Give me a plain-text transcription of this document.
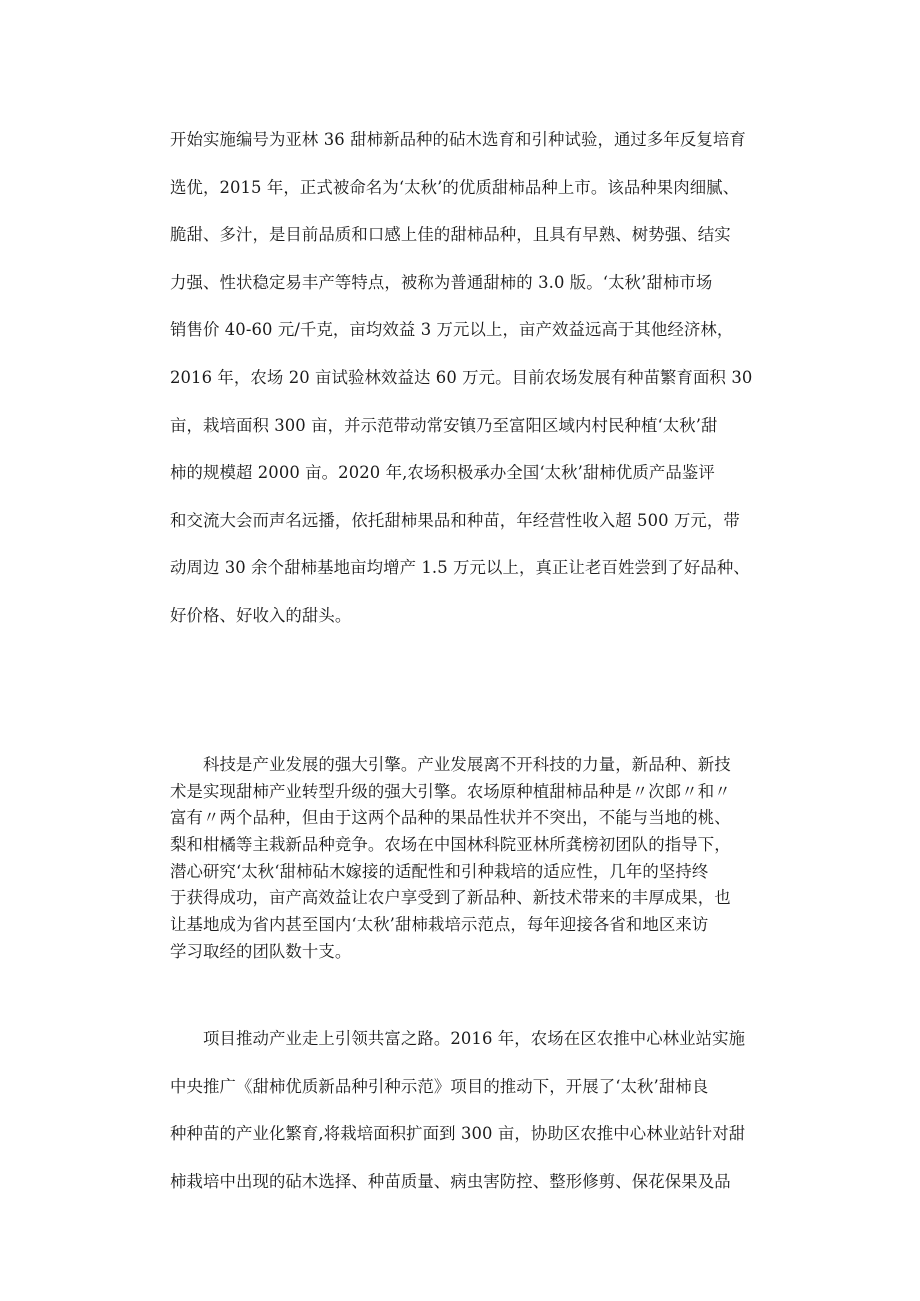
开始实施编号为亚林 36 甜柿新品种的砧木选育和引种试验，通过多年反复培育
选优，2015 年，正式被命名为‘太秋’的优质甜柿品种上市。该品种果肉细腻、
脆甜、多汁，是目前品质和口感上佳的甜柿品种，且具有早熟、树势强、结实
力强、性状稳定易丰产等特点，被称为普通甜柿的 3.0 版。‘太秋’甜柿市场
销售价 40-60 元/千克，亩均效益 3 万元以上，亩产效益远高于其他经济林，
2016 年，农场 20 亩试验林效益达 60 万元。目前农场发展有种苗繁育面积 30
亩，栽培面积 300 亩，并示范带动常安镇乃至富阳区域内村民种植‘太秋’甜
柿的规模超 2000 亩。2020 年,农场积极承办全国‘太秋’甜柿优质产品鉴评
和交流大会而声名远播，依托甜柿果品和种苗，年经营性收入超 500 万元，带
动周边 30 余个甜柿基地亩均增产 1.5 万元以上，真正让老百姓尝到了好品种、
好价格、好收入的甜头。
科技是产业发展的强大引擎。产业发展离不开科技的力量，新品种、新技
术是实现甜柿产业转型升级的强大引擎。农场原种植甜柿品种是〃次郎〃和〃
富有〃两个品种，但由于这两个品种的果品性状并不突出，不能与当地的桃、
梨和柑橘等主栽新品种竞争。农场在中国林科院亚林所龚榜初团队的指导下，
潜心研究‘太秋‘甜柿砧木嫁接的适配性和引种栽培的适应性，几年的坚持终
于获得成功，亩产高效益让农户享受到了新品种、新技术带来的丰厚成果，也
让基地成为省内甚至国内‘太秋’甜柿栽培示范点，每年迎接各省和地区来访
学习取经的团队数十支。
项目推动产业走上引领共富之路。2016 年，农场在区农推中心林业站实施
中央推广《甜柿优质新品种引种示范》项目的推动下，开展了‘太秋’甜柿良
种种苗的产业化繁育,将栽培面积扩面到 300 亩，协助区农推中心林业站针对甜
柿栽培中出现的砧木选择、种苗质量、病虫害防控、整形修剪、保花保果及品
